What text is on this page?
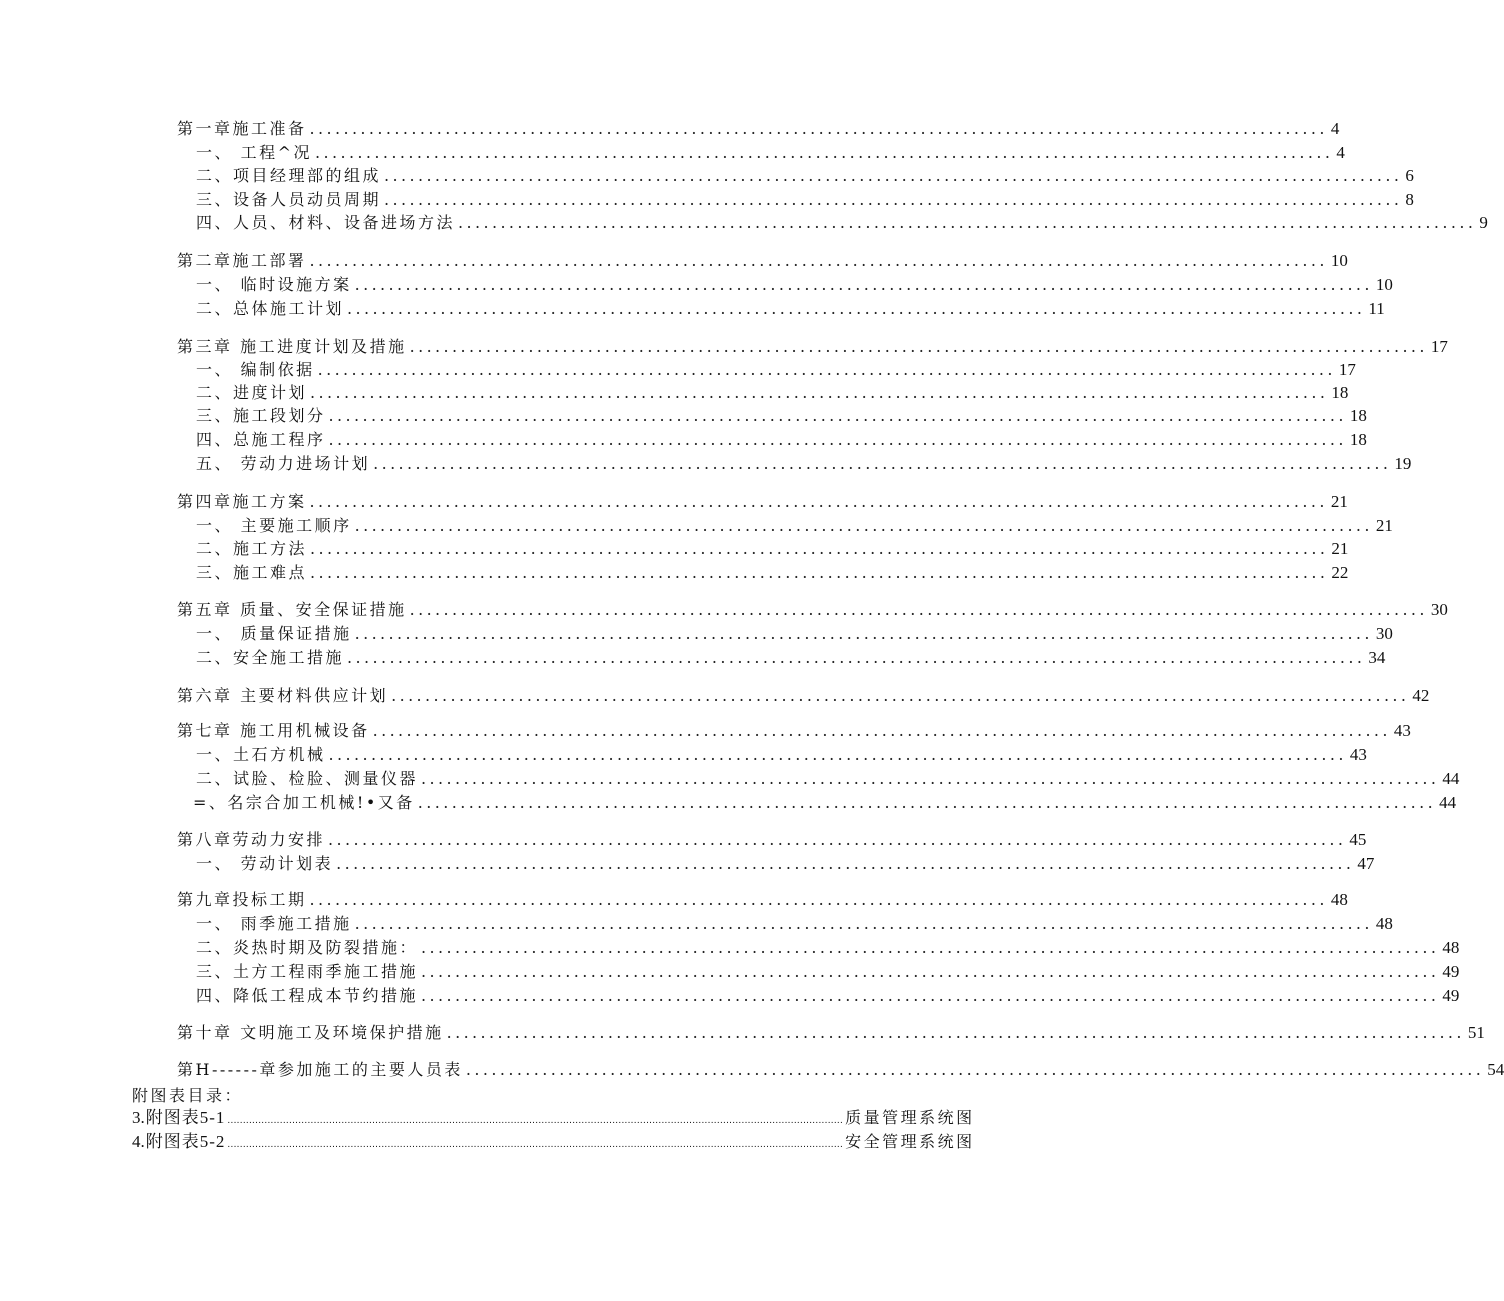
第一章施工准备 ........................................................................................................................ 4
一、 工程^况 ........................................................................................................................ 4
二、项目经理部的组成 ........................................................................................................................ 6
三、设备人员动员周期 ........................................................................................................................ 8
四、人员、材料、设备进场方法 ........................................................................................................................ 9
第二章施工部署 ........................................................................................................................ 10
一、 临时设施方案 ........................................................................................................................ 10
二、总体施工计划 ........................................................................................................................ 11
第三章 施工进度计划及措施 ........................................................................................................................ 17
一、 编制依据 ........................................................................................................................ 17
二、进度计划 ........................................................................................................................ 18
三、施工段划分 ........................................................................................................................ 18
四、总施工程序 ........................................................................................................................ 18
五、 劳动力进场计划 ........................................................................................................................ 19
第四章施工方案 ........................................................................................................................ 21
一、 主要施工顺序 ........................................................................................................................ 21
二、施工方法 ........................................................................................................................ 21
三、施工难点 ........................................................................................................................ 22
第五章 质量、安全保证措施 ........................................................................................................................ 30
一、 质量保证措施 ........................................................................................................................ 30
二、安全施工措施 ........................................................................................................................ 34
第六章 主要材料供应计划 ........................................................................................................................ 42
第七章 施工用机械设备 ........................................................................................................................ 43
一、土石方机械 ........................................................................................................................ 43
二、试脸、检脸、测量仪器 ........................................................................................................................ 44
=、名宗合加工机械!•又备 ........................................................................................................................ 44
第八章劳动力安排 ........................................................................................................................ 45
一、 劳动计划表 ........................................................................................................................ 47
第九章投标工期 ........................................................................................................................ 48
一、 雨季施工措施 ........................................................................................................................ 48
二、炎热时期及防裂措施： ........................................................................................................................ 48
三、土方工程雨季施工措施 ........................................................................................................................ 49
四、降低工程成本节约措施 ........................................................................................................................ 49
第十章 文明施工及环境保护措施 ........................................................................................................................ 51
第H------章参加施工的主要人员表 ........................................................................................................................ 54
附图表目录：
3 .附图表5-1 ........................................................................................................................................................................................................ 质量管理系统图
4 .附图表5-2 ........................................................................................................................................................................................................ 安全管理系统图
